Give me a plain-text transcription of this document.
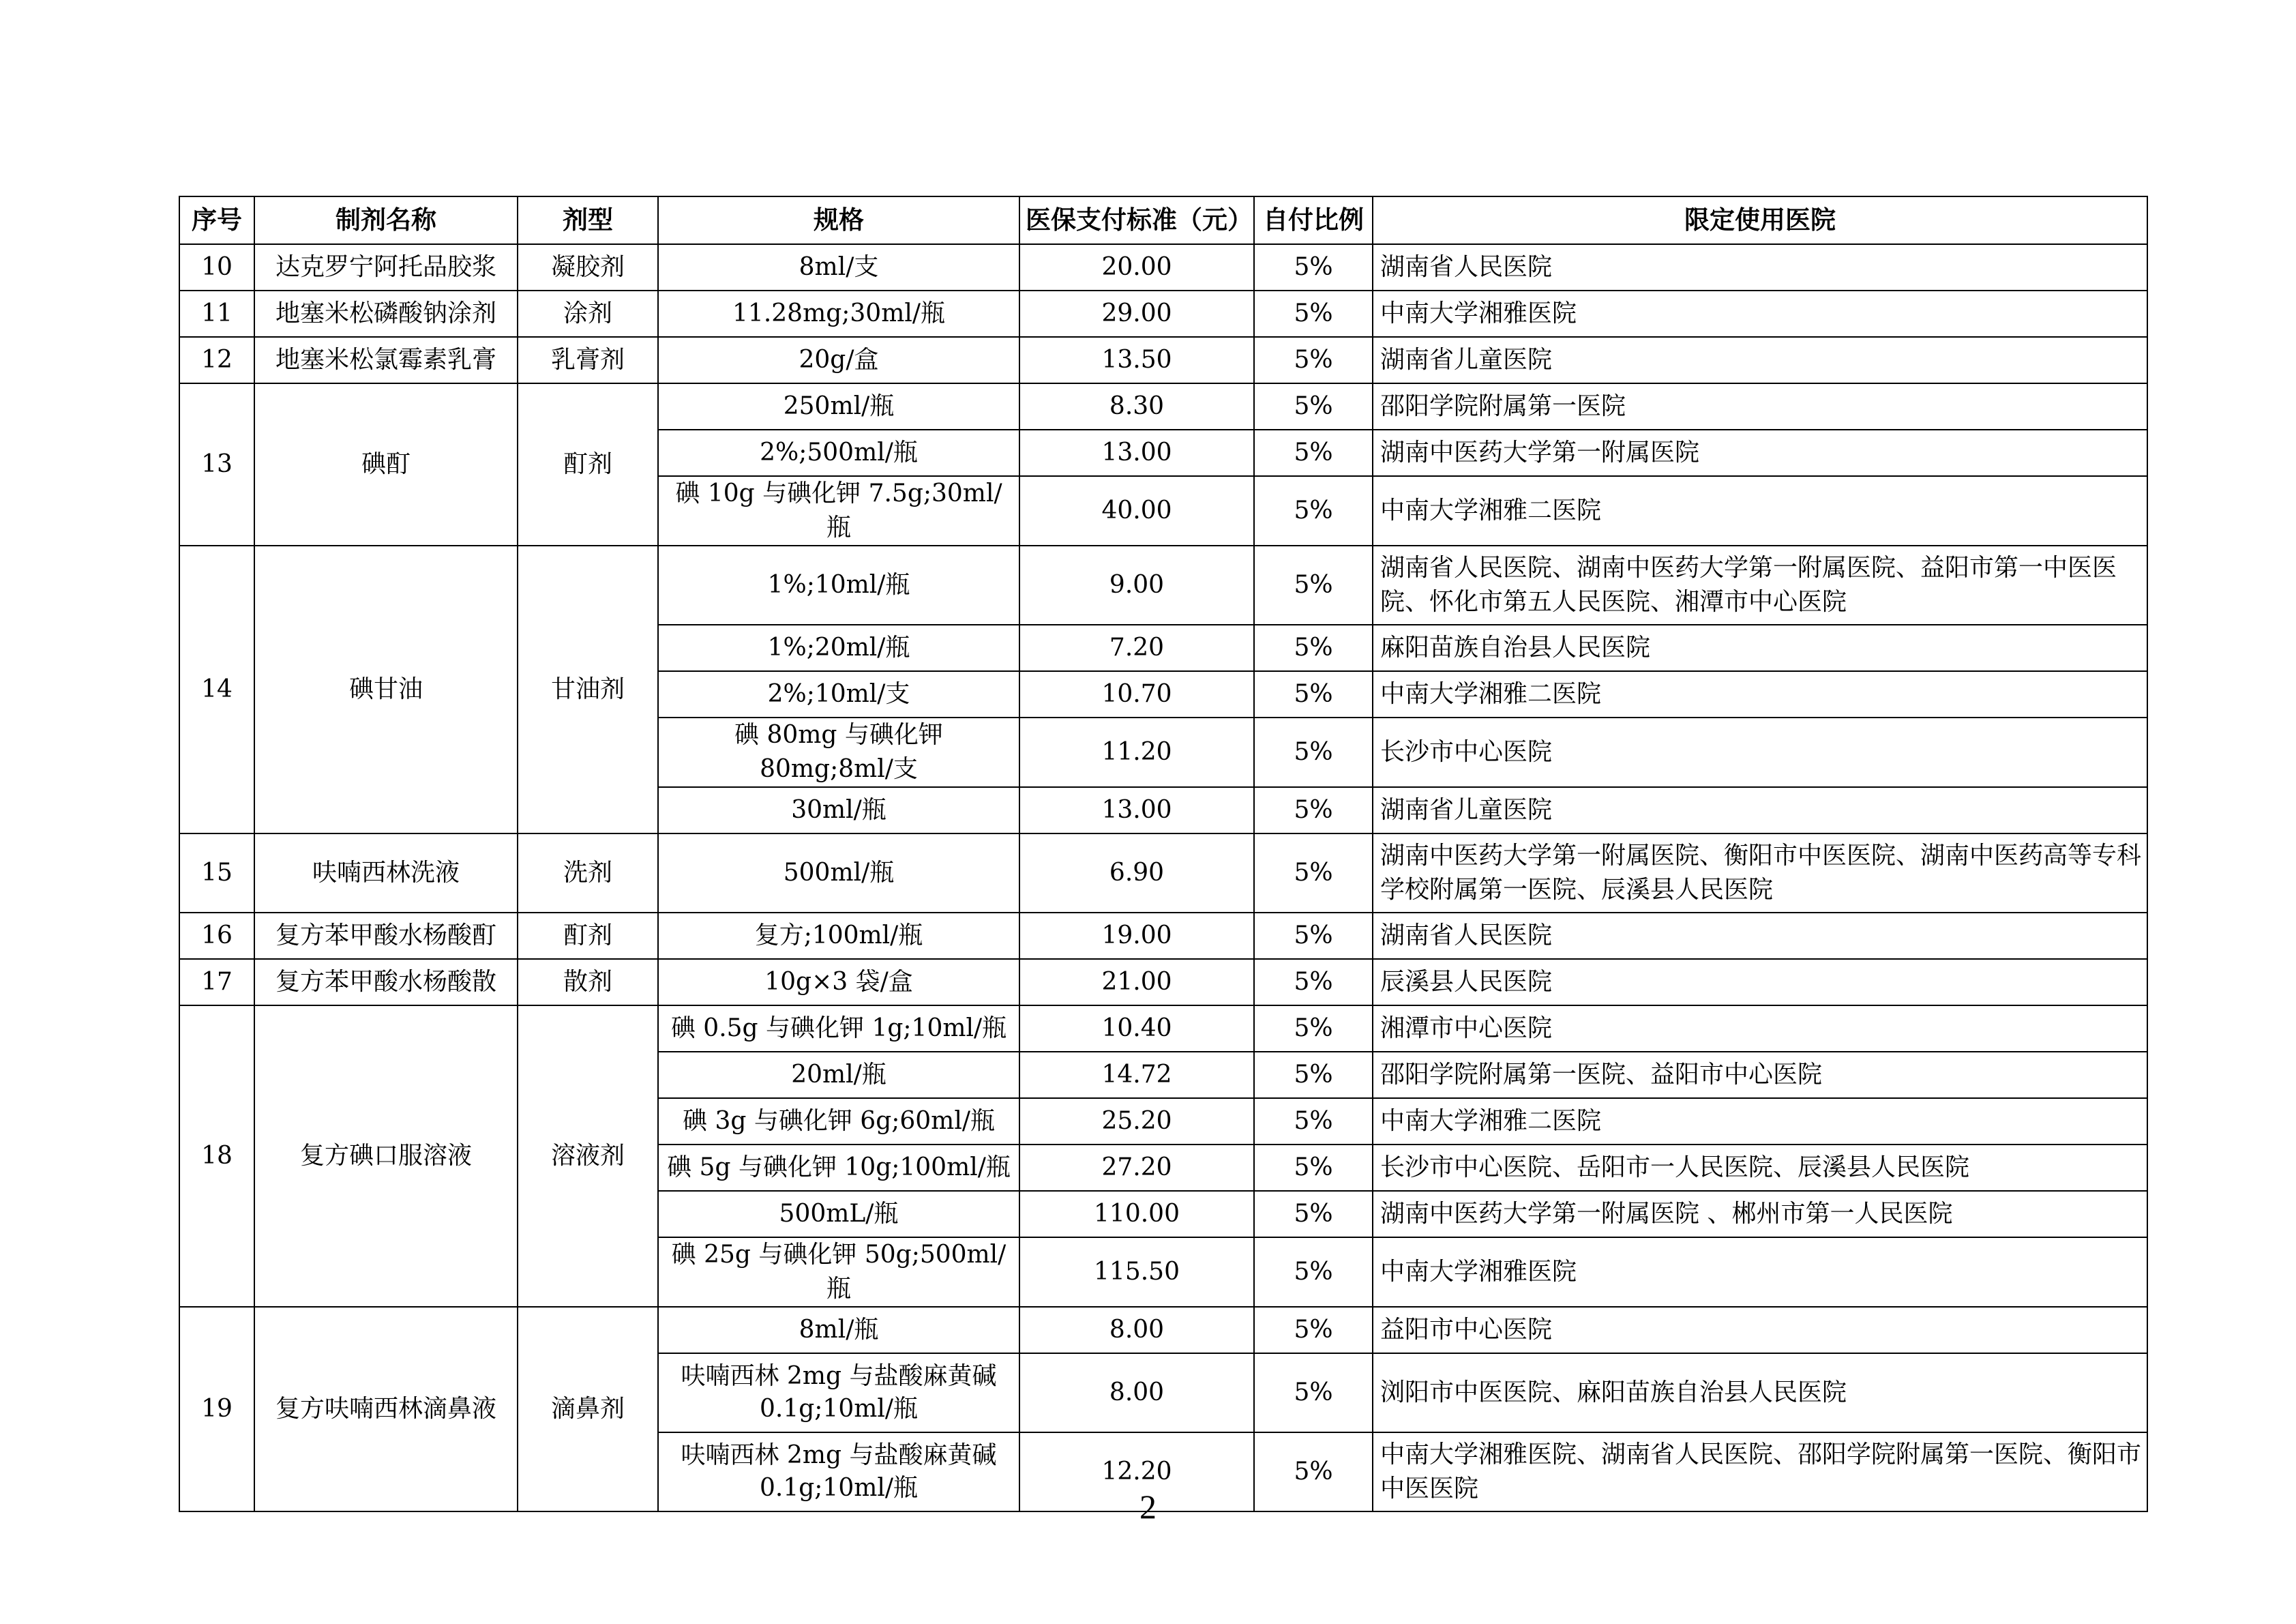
序号	制剂名称	剂型	规格	医保支付标准（元）	自付比例	限定使用医院
10	达克罗宁阿托品胶浆	凝胶剂	8ml/支	20.00	5%	湖南省人民医院
11	地塞米松磷酸钠涂剂	涂剂	11.28mg;30ml/瓶	29.00	5%	中南大学湘雅医院
12	地塞米松氯霉素乳膏	乳膏剂	20g/盒	13.50	5%	湖南省儿童医院
13	碘酊	酊剂	250ml/瓶	8.30	5%	邵阳学院附属第一医院
			2%;500ml/瓶	13.00	5%	湖南中医药大学第一附属医院
			碘 10g 与碘化钾 7.5g;30ml/瓶	40.00	5%	中南大学湘雅二医院
14	碘甘油	甘油剂	1%;10ml/瓶	9.00	5%	湖南省人民医院、湖南中医药大学第一附属医院、益阳市第一中医医院、怀化市第五人民医院、湘潭市中心医院
			1%;20ml/瓶	7.20	5%	麻阳苗族自治县人民医院
			2%;10ml/支	10.70	5%	中南大学湘雅二医院
			碘 80mg 与碘化钾 80mg;8ml/支	11.20	5%	长沙市中心医院
			30ml/瓶	13.00	5%	湖南省儿童医院
15	呋喃西林洗液	洗剂	500ml/瓶	6.90	5%	湖南中医药大学第一附属医院、衡阳市中医医院、湖南中医药高等专科学校附属第一医院、辰溪县人民医院
16	复方苯甲酸水杨酸酊	酊剂	复方;100ml/瓶	19.00	5%	湖南省人民医院
17	复方苯甲酸水杨酸散	散剂	10g×3 袋/盒	21.00	5%	辰溪县人民医院
18	复方碘口服溶液	溶液剂	碘 0.5g 与碘化钾 1g;10ml/瓶	10.40	5%	湘潭市中心医院
			20ml/瓶	14.72	5%	邵阳学院附属第一医院、益阳市中心医院
			碘 3g 与碘化钾 6g;60ml/瓶	25.20	5%	中南大学湘雅二医院
			碘 5g 与碘化钾 10g;100ml/瓶	27.20	5%	长沙市中心医院、岳阳市一人民医院、辰溪县人民医院
			500mL/瓶	110.00	5%	湖南中医药大学第一附属医院 、郴州市第一人民医院
			碘 25g 与碘化钾 50g;500ml/瓶	115.50	5%	中南大学湘雅医院
19	复方呋喃西林滴鼻液	滴鼻剂	8ml/瓶	8.00	5%	益阳市中心医院
			呋喃西林 2mg 与盐酸麻黄碱 0.1g;10ml/瓶	8.00	5%	浏阳市中医医院、麻阳苗族自治县人民医院
			呋喃西林 2mg 与盐酸麻黄碱 0.1g;10ml/瓶	12.20	5%	中南大学湘雅医院、湖南省人民医院、邵阳学院附属第一医院、衡阳市中医医院
2
